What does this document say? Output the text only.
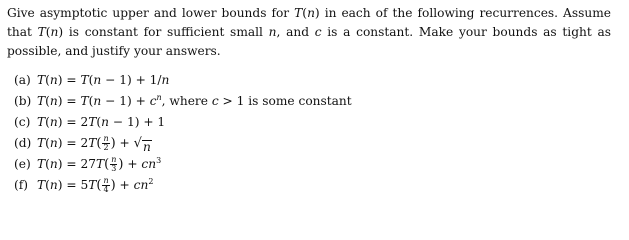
Give asymptotic upper and lower bounds for T(n) in each of the following recurrences. Assume that T(n) is constant for sufficient small n, and c is a constant. Make your bounds as tight as possible, and justify your answers.

(a) T(n) = T(n − 1) + 1/n
(b) $T(n) = T(n - 1) + c^n$, where c > 1 is some constant
(c) T(n) = 2T(n − 1) + 1
(d) $T(n) = 2T( \frac{n}{2}$ ) + √ n
(e) $T(n) = 27T( \frac{n}{3}$ ) + $cn^3$
(f) $T(n) = 5T( \frac{n}{4}$ ) + $cn^2$
